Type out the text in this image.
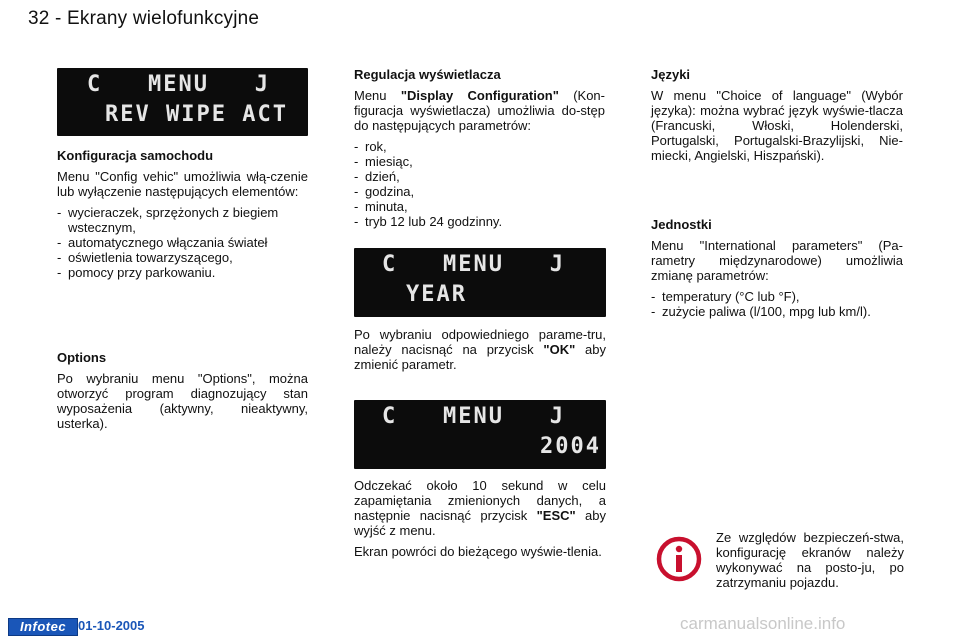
32 - Ekrany wielofunkcyjne
C   MENU   J
REV WIPE ACT
Konfiguracja samochodu

Menu "Config vehic" umożliwia włą-czenie lub wyłączenie następujących elementów:

- wycieraczek, sprzężonych z biegiem wstecznym,
- automatycznego włączania świateł
- oświetlenia towarzyszącego,
- pomocy przy parkowaniu.
Options

Po wybraniu menu "Options", można otworzyć program diagnozujący stan wyposażenia (aktywny, nieaktywny, usterka).

Regulacja wyświetlacza

Menu "Display Configuration" (Kon-figuracja wyświetlacza) umożliwia do-stęp do następujących parametrów:

- rok,
- miesiąc,
- dzień,
- godzina,
- minuta,
- tryb 12 lub 24 godzinny.
C   MENU   J
YEAR

Po wybraniu odpowiedniego parame-tru, należy nacisnąć na przycisk "OK" aby zmienić parametr.

C   MENU   J
2004

Odczekać około 10 sekund w celu zapamiętania zmienionych danych, a następnie nacisnąć przycisk "ESC" aby wyjść z menu.

Ekran powróci do bieżącego wyświe-tlenia.

Języki

W menu "Choice of language" (Wybór języka): można wybrać język wyświe-tlacza (Francuski, Włoski, Holenderski, Portugalski, Portugalski-Brazylijski, Nie-miecki, Angielski, Hiszpański).

Jednostki

Menu "International parameters" (Pa-rametry międzynarodowe) umożliwia zmianę parametrów:

- temperatury (°C lub °F),
- zużycie paliwa (l/100, mpg lub km/l).

Ze względów bezpieczeń-stwa, konfigurację ekranów należy wykonywać na posto-ju, po zatrzymaniu pojazdu.

Infotec 01-10-2005	carmanualsonline.info
